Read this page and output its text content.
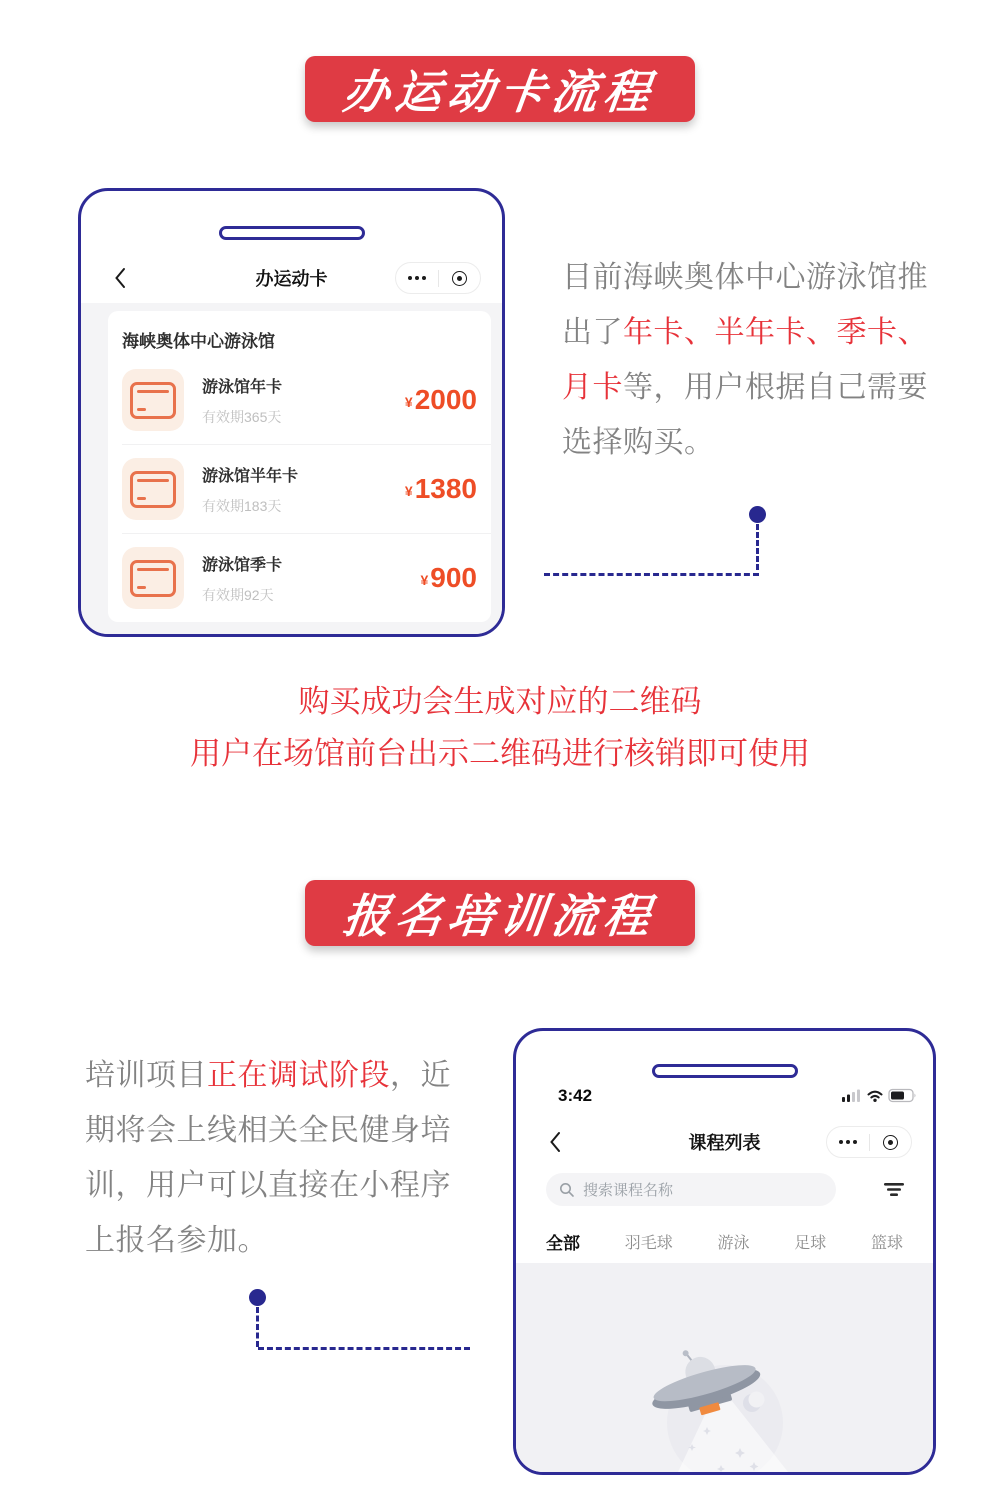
办运动卡流程
办运动卡
海峡奥体中心游泳馆
游泳馆年卡
有效期365天
¥ 2000
游泳馆半年卡
有效期183天
¥ 1380
游泳馆季卡
有效期92天
¥ 900
目前海峡奥体中心游泳馆推出了年卡、半年卡、季卡、月卡等，用户根据自己需要选择购买。
购买成功会生成对应的二维码
用户在场馆前台出示二维码进行核销即可使用
报名培训流程
培训项目正在调试阶段，近期将会上线相关全民健身培训，用户可以直接在小程序上报名参加。
3:42
课程列表
搜索课程名称
全部	羽毛球	游泳	足球	篮球
